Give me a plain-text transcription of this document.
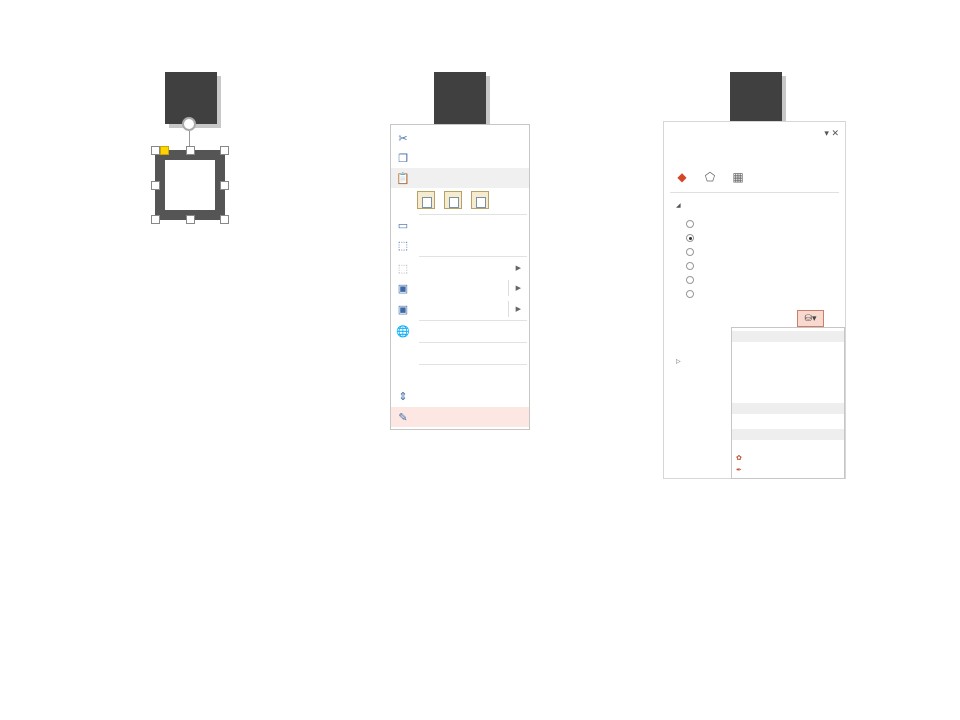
✂
❐
📋
▭
⬚
⬚	▶
▣	▶
▣	▶
🌐
⇕
✎
▾ ✕
◆ ⬠ ▦
◢
⛁▾
▷
✿
✒
